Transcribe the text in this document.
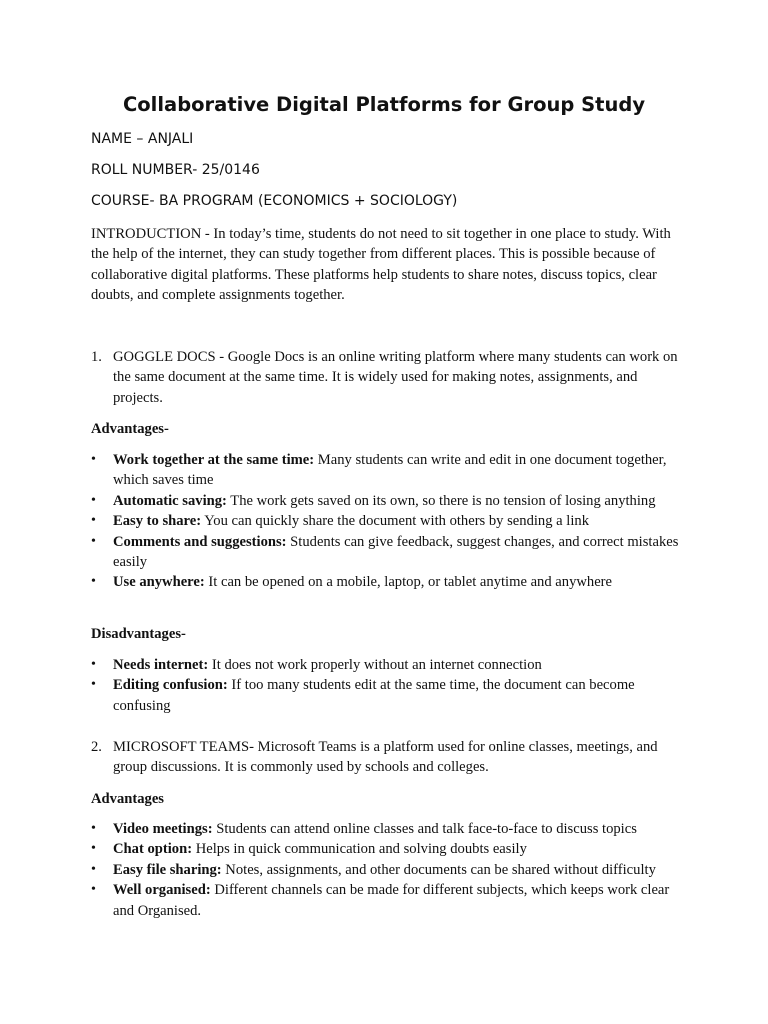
Collaborative Digital Platforms for Group Study

NAME – ANJALI

ROLL NUMBER- 25/0146

COURSE- BA PROGRAM (ECONOMICS + SOCIOLOGY)

INTRODUCTION - In today’s time, students do not need to sit together in one place to study. With the help of the internet, they can study together from different places. This is possible because of collaborative digital platforms. These platforms help students to share notes, discuss topics, clear doubts, and complete assignments together.

1. GOGGLE DOCS - Google Docs is an online writing platform where many students can work on the same document at the same time. It is widely used for making notes, assignments, and projects.

Advantages-

•	Work together at the same time: Many students can write and edit in one document together, which saves time
•	Automatic saving: The work gets saved on its own, so there is no tension of losing anything
•	Easy to share: You can quickly share the document with others by sending a link
•	Comments and suggestions: Students can give feedback, suggest changes, and correct mistakes easily
•	Use anywhere: It can be opened on a mobile, laptop, or tablet anytime and anywhere

Disadvantages-

•	Needs internet: It does not work properly without an internet connection
•	Editing confusion: If too many students edit at the same time, the document can become confusing
2. MICROSOFT TEAMS- Microsoft Teams is a platform used for online classes, meetings, and group discussions. It is commonly used by schools and colleges.

Advantages

•	Video meetings: Students can attend online classes and talk face-to-face to discuss topics
•	Chat option: Helps in quick communication and solving doubts easily
•	Easy file sharing: Notes, assignments, and other documents can be shared without difficulty
•	Well organised: Different channels can be made for different subjects, which keeps work clear and Organised.
